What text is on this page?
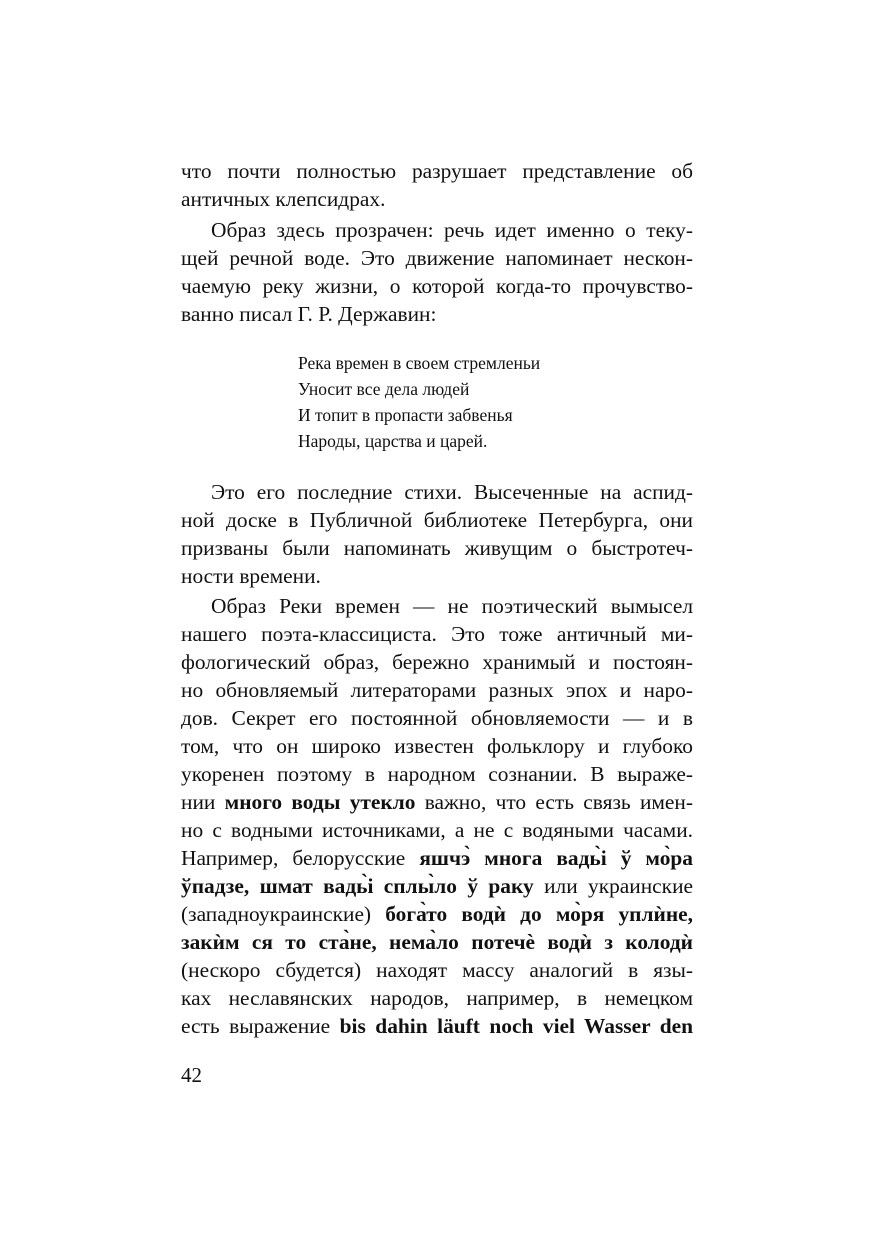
что почти полностью разрушает представление об
античных клепсидрах.
Образ здесь прозрачен: речь идет именно о теку-
щей речной воде. Это движение напоминает нескон-
чаемую реку жизни, о которой когда-то прочувство-
ванно писал Г. Р. Державин:
Река времен в своем стремленьи
Уносит все дела людей
И топит в пропасти забвенья
Народы, царства и царей.
Это его последние стихи. Высеченные на аспид-
ной доске в Публичной библиотеке Петербурга, они
призваны были напоминать живущим о быстротеч-
ности времени.
Образ Реки времен — не поэтический вымысел
нашего поэта-классициста. Это тоже античный ми-
фологический образ, бережно хранимый и постоян-
но обновляемый литераторами разных эпох и наро-
дов. Секрет его постоянной обновляемости — и в
том, что он широко известен фольклору и глубоко
укоренен поэтому в народном сознании. В выраже-
нии много воды утекло важно, что есть связь имен-
но с водными источниками, а не с водяными часами.
Например, белорусские яшчэ̀ многа вадь̀і ў мо̀ра
ўпадзе, шмат вадь̀і сплы̀ло ў раку или украинские
(западноукраинские) бога̀то водѝ до мо̀ря уплѝне,
закѝм ся то ста̀не, нема̀ло потечѐ водѝ з колодѝ
(нескоро сбудется) находят массу аналогий в язы-
ках неславянских народов, например, в немецком
есть выражение bis dahin läuft noch viel Wasser den
42
